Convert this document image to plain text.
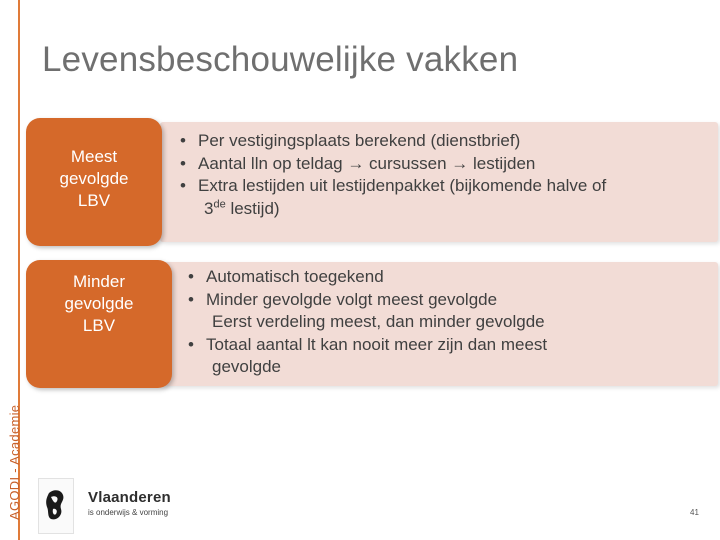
AGODI - Academie
Levensbeschouwelijke vakken
Meest
gevolgde
LBV
Minder
gevolgde
LBV
• Per vestigingsplaats berekend (dienstbrief)
• Aantal lln op teldag → cursussen → lestijden
• Extra lestijden uit lestijdenpakket (bijkomende halve of
3de lestijd)
• Automatisch toegekend
• Minder gevolgde volgt meest gevolgde
Eerst verdeling meest, dan minder gevolgde
• Totaal aantal lt kan nooit meer zijn dan meest
gevolgde
Vlaanderen
is onderwijs & vorming	41
